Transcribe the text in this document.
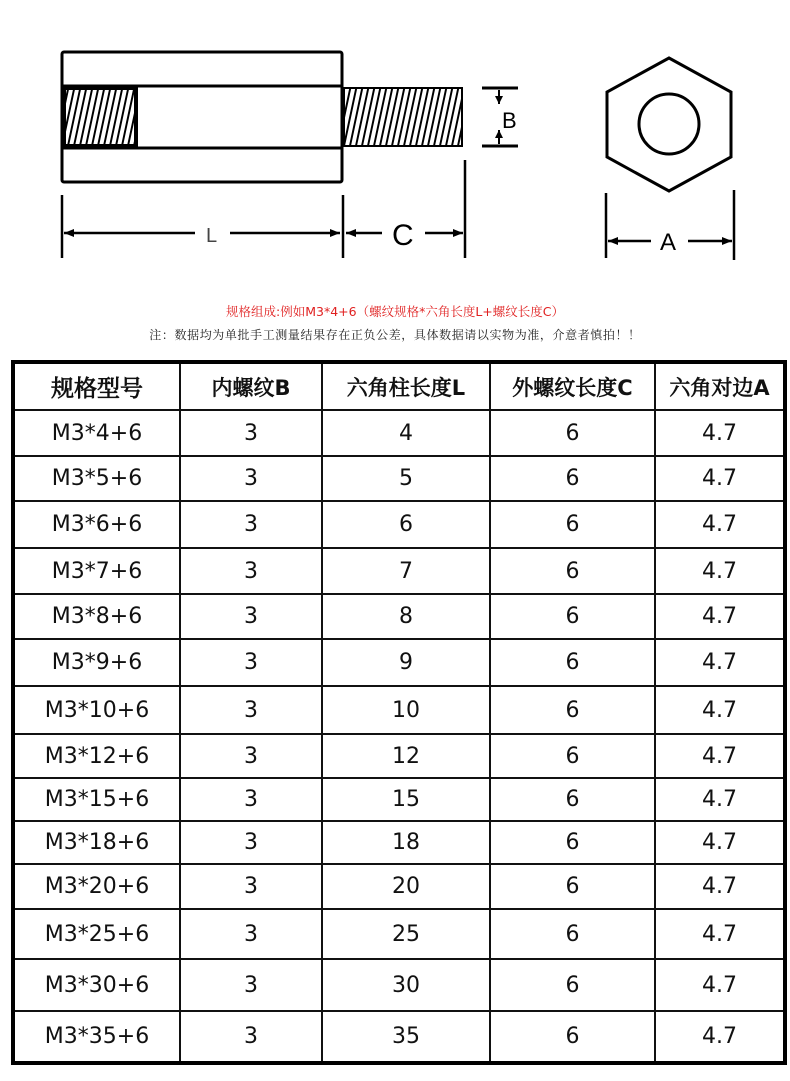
B
L	C	A
规格组成:例如M3*4+6（螺纹规格*六角长度L+螺纹长度C）
注：数据均为单批手工测量结果存在正负公差，具体数据请以实物为准，介意者慎拍！！
规格型号	内螺纹B	六角柱长度L	外螺纹长度C	六角对边A
M3*4+6	3	4	6	4.7
M3*5+6	3	5	6	4.7
M3*6+6	3	6	6	4.7
M3*7+6	3	7	6	4.7
M3*8+6	3	8	6	4.7
M3*9+6	3	9	6	4.7
M3*10+6	3	10	6	4.7
M3*12+6	3	12	6	4.7
M3*15+6	3	15	6	4.7
M3*18+6	3	18	6	4.7
M3*20+6	3	20	6	4.7
M3*25+6	3	25	6	4.7
M3*30+6	3	30	6	4.7
M3*35+6	3	35	6	4.7
